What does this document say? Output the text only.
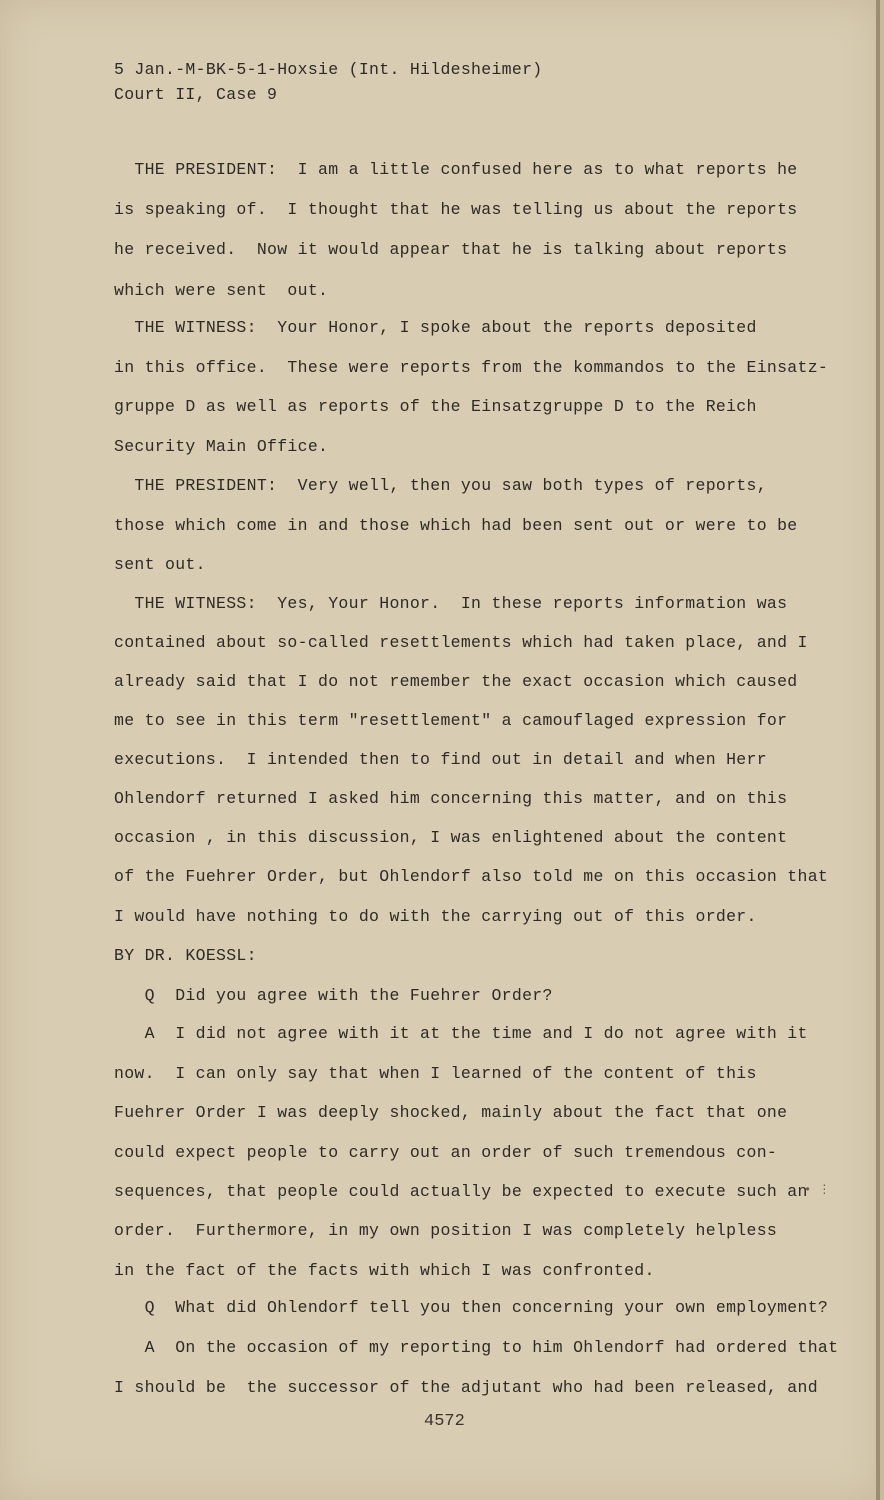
5 Jan.-M-BK-5-1-Hoxsie (Int. Hildesheimer)
Court II, Case 9
THE PRESIDENT:  I am a little confused here as to what reports he
is speaking of.  I thought that he was telling us about the reports
he received.  Now it would appear that he is talking about reports
which were sent  out.
THE WITNESS:  Your Honor, I spoke about the reports deposited
in this office.  These were reports from the kommandos to the Einsatz-
gruppe D as well as reports of the Einsatzgruppe D to the Reich
Security Main Office.
THE PRESIDENT:  Very well, then you saw both types of reports,
those which come in and those which had been sent out or were to be
sent out.
THE WITNESS:  Yes, Your Honor.  In these reports information was
contained about so-called resettlements which had taken place, and I
already said that I do not remember the exact occasion which caused
me to see in this term "resettlement" a camouflaged expression for
executions.  I intended then to find out in detail and when Herr
Ohlendorf returned I asked him concerning this matter, and on this
occasion , in this discussion, I was enlightened about the content
of the Fuehrer Order, but Ohlendorf also told me on this occasion that
I would have nothing to do with the carrying out of this order.
BY DR. KOESSL:
Q  Did you agree with the Fuehrer Order?
A  I did not agree with it at the time and I do not agree with it
now.  I can only say that when I learned of the content of this
Fuehrer Order I was deeply shocked, mainly about the fact that one
could expect people to carry out an order of such tremendous con-
sequences, that people could actually be expected to execute such an
order.  Furthermore, in my own position I was completely helpless
in the fact of the facts with which I was confronted.
Q  What did Ohlendorf tell you then concerning your own employment?
A  On the occasion of my reporting to him Ohlendorf had ordered that
I should be  the successor of the adjutant who had been released, and
• ⋮
4572
